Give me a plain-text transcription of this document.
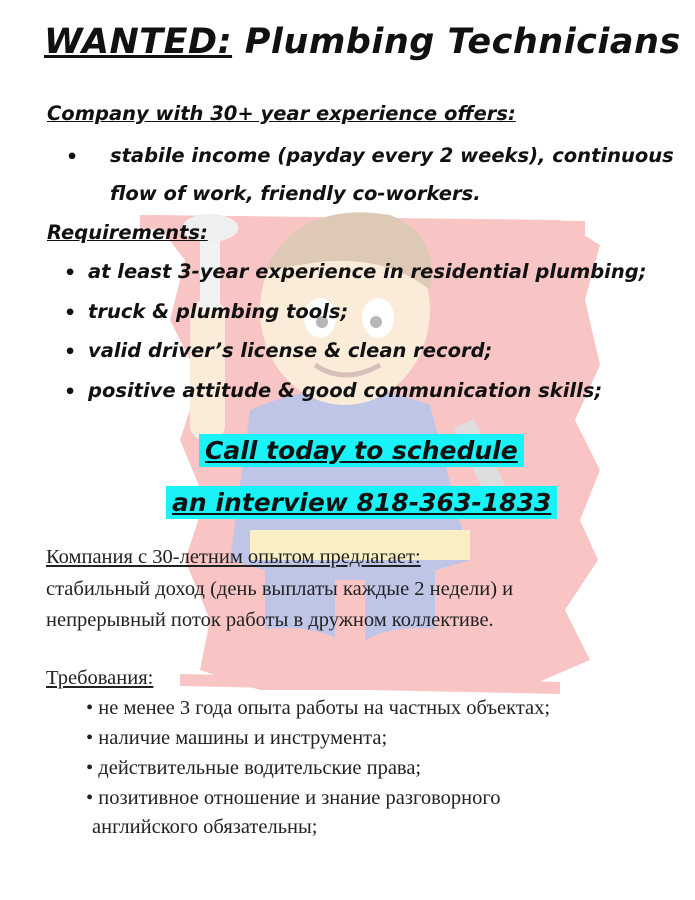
WANTED: Plumbing Technicians
Company with 30+ year experience offers:
• stabile income (payday every 2 weeks), continuous
flow of work, friendly co-workers.
Requirements:
• at least 3-year experience in residential plumbing;
• truck & plumbing tools;
• valid driver’s license & clean record;
• positive attitude & good communication skills;
Call today to schedule
an interview 818-363-1833
Компания с 30-летним опытом предлагает:
стабильный доход (день выплаты каждые 2 недели) и
непрерывный поток работы в дружном коллективе.
Требования:
• не менее 3 года опыта работы на частных объектах;
• наличие машины и инструмента;
• действительные водительские права;
• позитивное отношение и знание разговорного
английского обязательны;
